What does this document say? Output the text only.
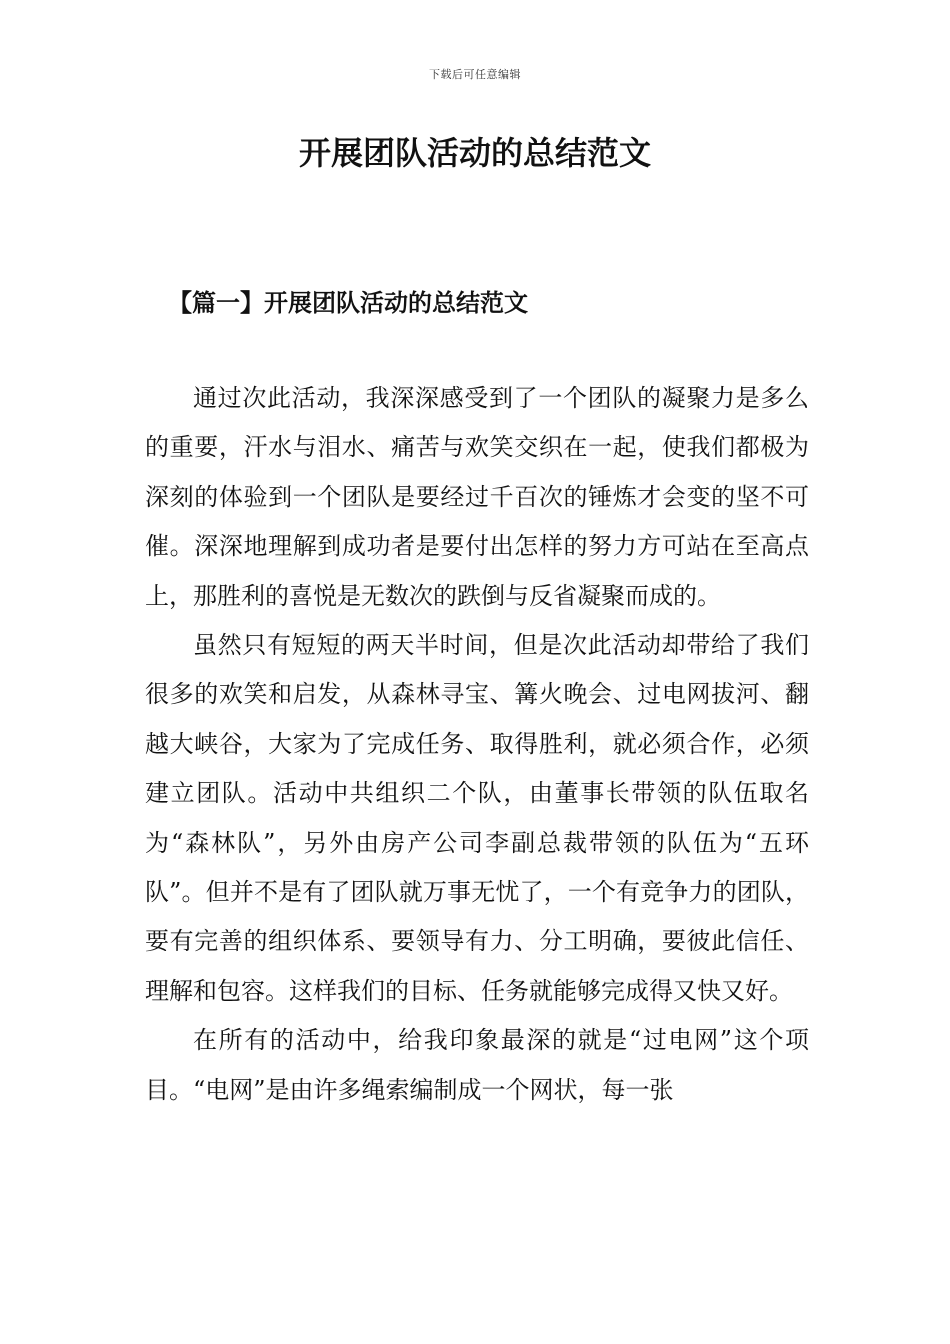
下载后可任意编辑
开展团队活动的总结范文
【篇一】开展团队活动的总结范文

通过次此活动，我深深感受到了一个团队的凝聚力是多么的重要，汗水与泪水、痛苦与欢笑交织在一起，使我们都极为深刻的体验到一个团队是要经过千百次的锤炼才会变的坚不可催。深深地理解到成功者是要付出怎样的努力方可站在至高点上，那胜利的喜悦是无数次的跌倒与反省凝聚而成的。

虽然只有短短的两天半时间，但是次此活动却带给了我们很多的欢笑和启发，从森林寻宝、篝火晚会、过电网拔河、翻越大峡谷，大家为了完成任务、取得胜利，就必须合作，必须建立团队。活动中共组织二个队，由董事长带领的队伍取名为“森林队”，另外由房产公司李副总裁带领的队伍为“五环队”。但并不是有了团队就万事无忧了，一个有竞争力的团队，要有完善的组织体系、要领导有力、分工明确，要彼此信任、理解和包容。这样我们的目标、任务就能够完成得又快又好。

在所有的活动中，给我印象最深的就是“过电网”这个项目。“电网”是由许多绳索编制成一个网状，每一张
